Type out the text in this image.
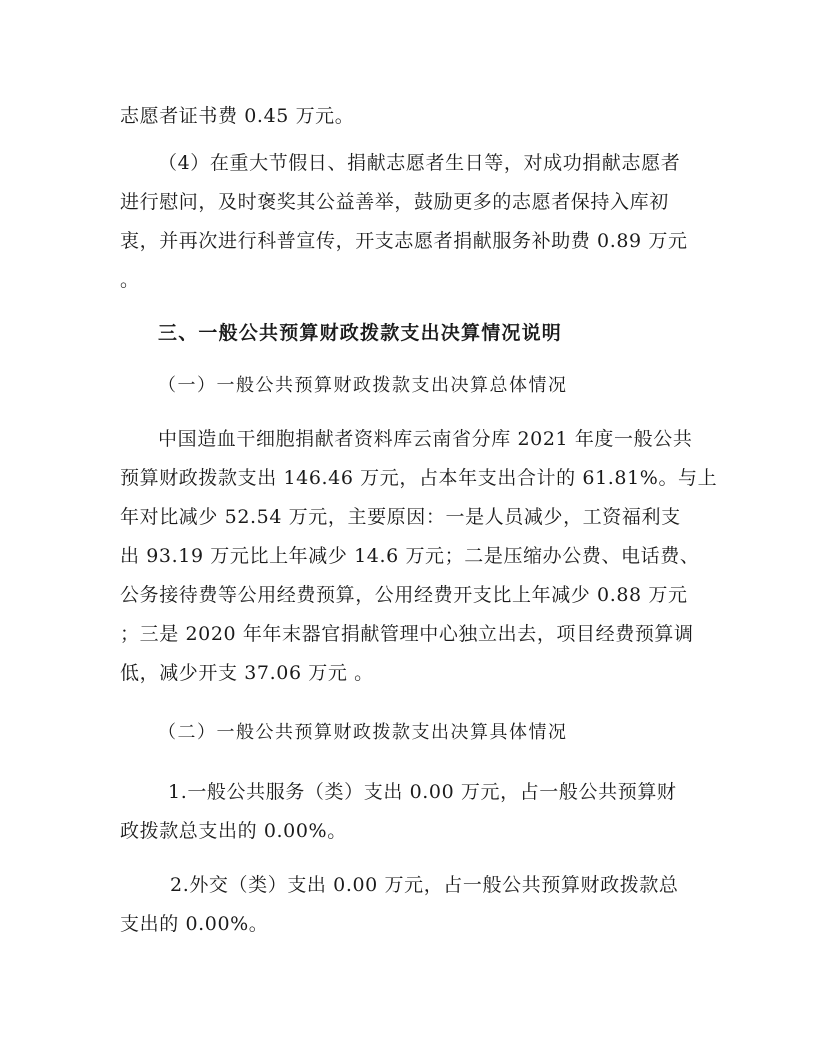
志愿者证书费 0.45 万元。
（4）在重大节假日、捐献志愿者生日等，对成功捐献志愿者
进行慰问，及时褒奖其公益善举，鼓励更多的志愿者保持入库初
衷，并再次进行科普宣传，开支志愿者捐献服务补助费 0.89 万元
。
三、一般公共预算财政拨款支出决算情况说明
（一）一般公共预算财政拨款支出决算总体情况
中国造血干细胞捐献者资料库云南省分库 2021 年度一般公共
预算财政拨款支出 146.46 万元，占本年支出合计的 61.81%。与上
年对比减少 52.54 万元，主要原因：一是人员减少，工资福利支
出 93.19 万元比上年减少 14.6 万元；二是压缩办公费、电话费、
公务接待费等公用经费预算，公用经费开支比上年减少 0.88 万元
；三是 2020 年年末器官捐献管理中心独立出去，项目经费预算调
低，减少开支 37.06 万元 。
（二）一般公共预算财政拨款支出决算具体情况
1.一般公共服务（类）支出 0.00 万元，占一般公共预算财
政拨款总支出的 0.00%。
2.外交（类）支出 0.00 万元，占一般公共预算财政拨款总
支出的 0.00%。
